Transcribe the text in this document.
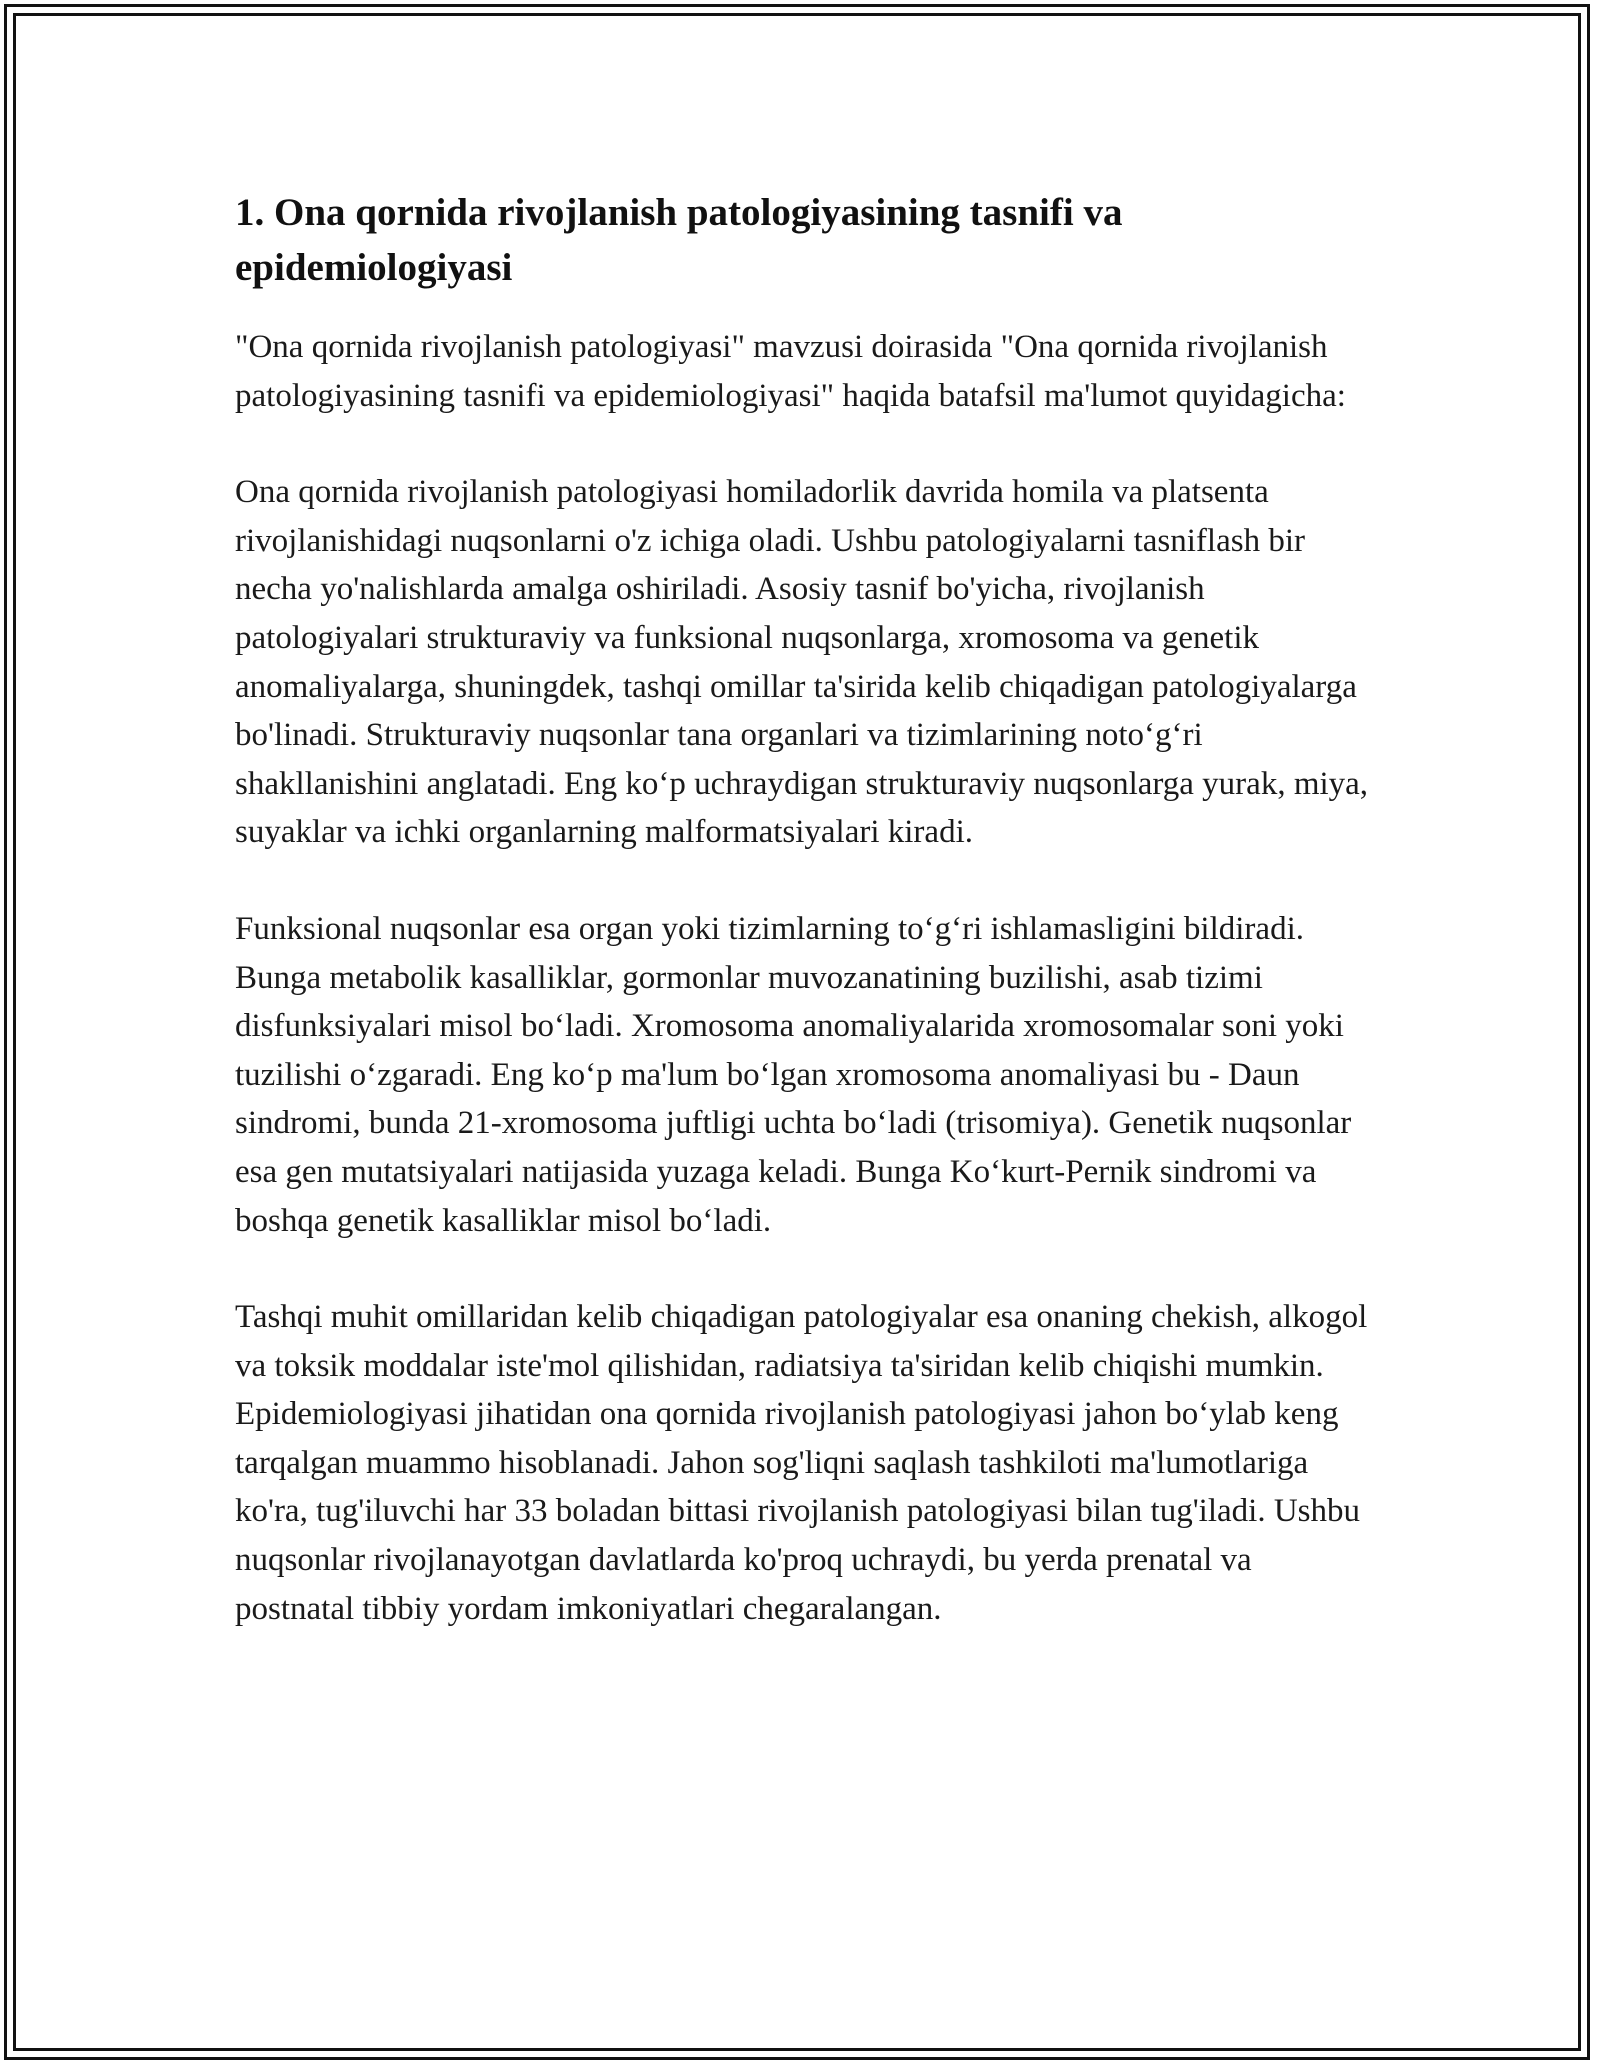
1. Ona qornida rivojlanish patologiyasining tasnifi va epidemiologiyasi

"Ona qornida rivojlanish patologiyasi" mavzusi doirasida "Ona qornida rivojlanish patologiyasining tasnifi va epidemiologiyasi" haqida batafsil ma'lumot quyidagicha:

Ona qornida rivojlanish patologiyasi homiladorlik davrida homila va platsenta rivojlanishidagi nuqsonlarni o'z ichiga oladi. Ushbu patologiyalarni tasniflash bir necha yo'nalishlarda amalga oshiriladi. Asosiy tasnif bo'yicha, rivojlanish patologiyalari strukturaviy va funksional nuqsonlarga, xromosoma va genetik anomaliyalarga, shuningdek, tashqi omillar ta'sirida kelib chiqadigan patologiyalarga bo'linadi. Strukturaviy nuqsonlar tana organlari va tizimlarining noto‘g‘ri shakllanishini anglatadi. Eng ko‘p uchraydigan strukturaviy nuqsonlarga yurak, miya, suyaklar va ichki organlarning malformatsiyalari kiradi.

Funksional nuqsonlar esa organ yoki tizimlarning to‘g‘ri ishlamasligini bildiradi. Bunga metabolik kasalliklar, gormonlar muvozanatining buzilishi, asab tizimi disfunksiyalari misol bo‘ladi. Xromosoma anomaliyalarida xromosomalar soni yoki tuzilishi o‘zgaradi. Eng ko‘p ma'lum bo‘lgan xromosoma anomaliyasi bu - Daun sindromi, bunda 21-xromosoma juftligi uchta bo‘ladi (trisomiya). Genetik nuqsonlar esa gen mutatsiyalari natijasida yuzaga keladi. Bunga Ko‘kurt-Pernik sindromi va boshqa genetik kasalliklar misol bo‘ladi.

Tashqi muhit omillaridan kelib chiqadigan patologiyalar esa onaning chekish, alkogol va toksik moddalar iste'mol qilishidan, radiatsiya ta'siridan kelib chiqishi mumkin. Epidemiologiyasi jihatidan ona qornida rivojlanish patologiyasi jahon bo‘ylab keng tarqalgan muammo hisoblanadi. Jahon sog'liqni saqlash tashkiloti ma'lumotlariga ko'ra, tug'iluvchi har 33 boladan bittasi rivojlanish patologiyasi bilan tug'iladi. Ushbu nuqsonlar rivojlanayotgan davlatlarda ko'proq uchraydi, bu yerda prenatal va postnatal tibbiy yordam imkoniyatlari chegaralangan.
